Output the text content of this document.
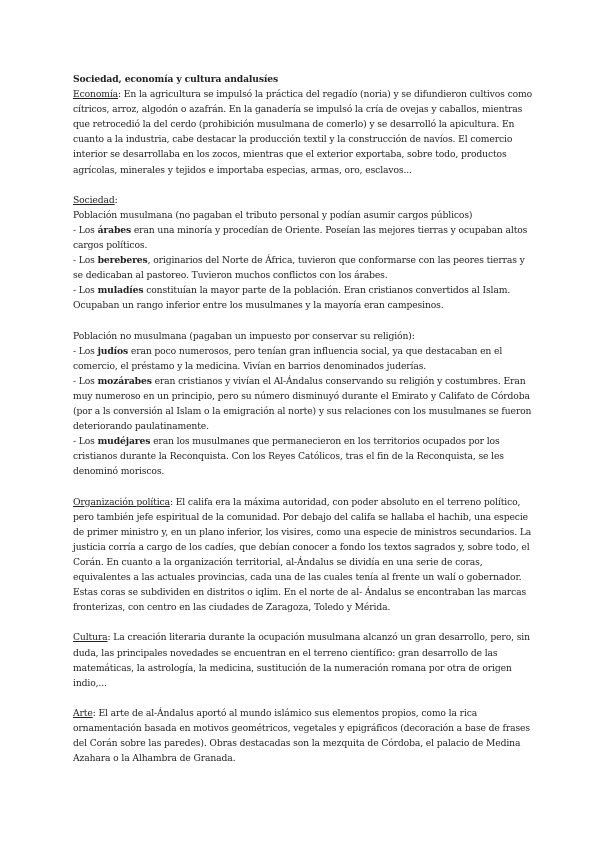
Sociedad, economía y cultura andalusíes

Economía: En la agricultura se impulsó la práctica del regadío (noria) y se difundieron cultivos como cítricos, arroz, algodón o azafrán. En la ganadería se impulsó la cría de ovejas y caballos, mientras que retrocedió la del cerdo (prohibición musulmana de comerlo) y se desarrolló la apicultura. En cuanto a la industria, cabe destacar la producción textil y la construcción de navíos. El comercio interior se desarrollaba en los zocos, mientras que el exterior exportaba, sobre todo, productos agrícolas, minerales y tejidos e importaba especias, armas, oro, esclavos...

Sociedad:

Población musulmana (no pagaban el tributo personal y podían asumir cargos públicos)

- Los árabes eran una minoría y procedían de Oriente. Poseían las mejores tierras y ocupaban altos cargos políticos.

- Los bereberes, originarios del Norte de África, tuvieron que conformarse con las peores tierras y se dedicaban al pastoreo. Tuvieron muchos conflictos con los árabes.

- Los muladíes constituían la mayor parte de la población. Eran cristianos convertidos al Islam. Ocupaban un rango inferior entre los musulmanes y la mayoría eran campesinos.

Población no musulmana (pagaban un impuesto por conservar su religión):

- Los judíos eran poco numerosos, pero tenían gran influencia social, ya que destacaban en el comercio, el préstamo y la medicina. Vivían en barrios denominados juderías.

- Los mozárabes eran cristianos y vivían el Al-Ándalus conservando su religión y costumbres. Eran muy numeroso en un principio, pero su número disminuyó durante el Emirato y Califato de Córdoba (por a ls conversión al Islam o la emigración al norte) y sus relaciones con los musulmanes se fueron deteriorando paulatinamente.

- Los mudéjares eran los musulmanes que permanecieron en los territorios ocupados por los cristianos durante la Reconquista. Con los Reyes Católicos, tras el fin de la Reconquista, se les denominó moriscos.

Organización política: El califa era la máxima autoridad, con poder absoluto en el terreno político, pero también jefe espiritual de la comunidad. Por debajo del califa se hallaba el hachib, una especie de primer ministro y, en un plano inferior, los visires, como una especie de ministros secundarios. La justicia corría a cargo de los cadíes, que debían conocer a fondo los textos sagrados y, sobre todo, el Corán. En cuanto a la organización territorial, al-Ándalus se dividía en una serie de coras, equivalentes a las actuales provincias, cada una de las cuales tenía al frente un walí o gobernador. Estas coras se subdividen en distritos o iqlim. En el norte de al- Ándalus se encontraban las marcas fronterizas, con centro en las ciudades de Zaragoza, Toledo y Mérida.

Cultura: La creación literaria durante la ocupación musulmana alcanzó un gran desarrollo, pero, sin duda, las principales novedades se encuentran en el terreno científico: gran desarrollo de las matemáticas, la astrología, la medicina, sustitución de la numeración romana por otra de origen indio,...

Arte: El arte de al-Ándalus aportó al mundo islámico sus elementos propios, como la rica ornamentación basada en motivos geométricos, vegetales y epigráficos (decoración a base de frases del Corán sobre las paredes). Obras destacadas son la mezquita de Córdoba, el palacio de Medina Azahara o la Alhambra de Granada.
